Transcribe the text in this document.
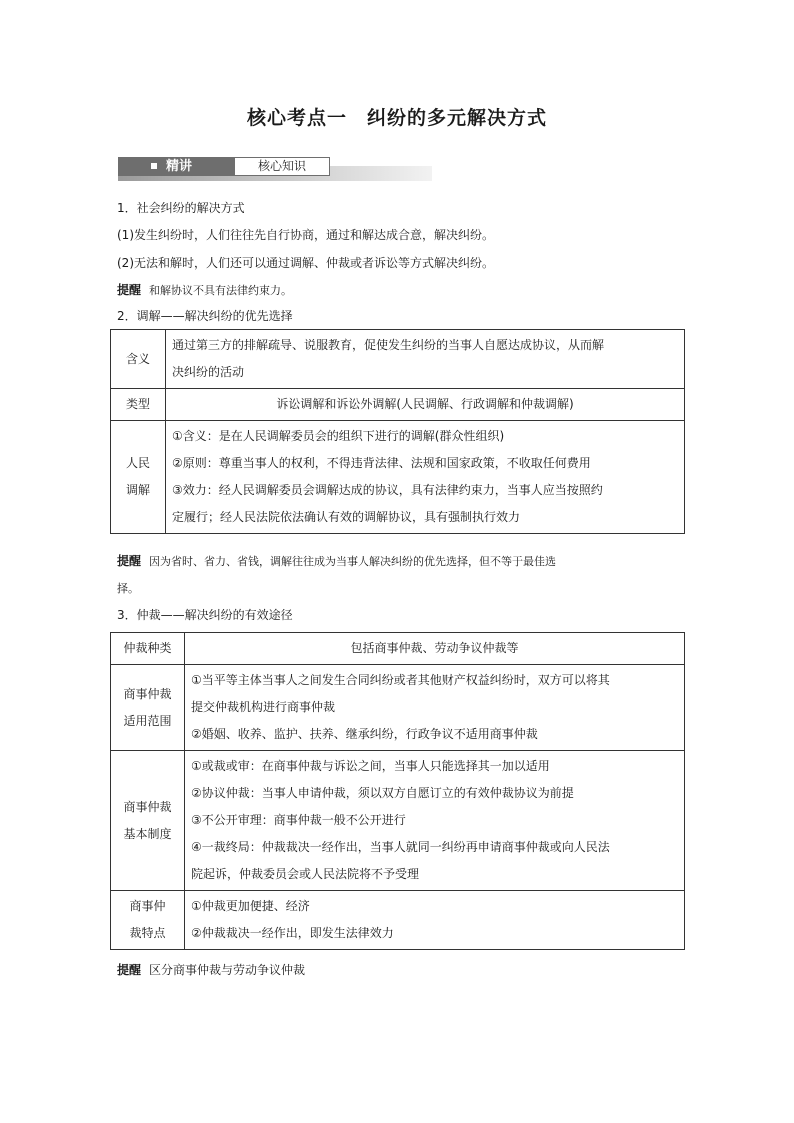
核心考点一　纠纷的多元解决方式
精讲	核心知识
1．社会纠纷的解决方式
(1)发生纠纷时，人们往往先自行协商，通过和解达成合意，解决纠纷。
(2)无法和解时，人们还可以通过调解、仲裁或者诉讼等方式解决纠纷。
提醒 和解协议不具有法律约束力。
2．调解——解决纠纷的优先选择
含义	通过第三方的排解疏导、说服教育，促使发生纠纷的当事人自愿达成协议，从而解
决纠纷的活动

类型	诉讼调解和诉讼外调解(人民调解、行政调解和仲裁调解)

人民
调解	①含义：是在人民调解委员会的组织下进行的调解(群众性组织)
②原则：尊重当事人的权利，不得违背法律、法规和国家政策，不收取任何费用
③效力：经人民调解委员会调解达成的协议，具有法律约束力，当事人应当按照约
定履行；经人民法院依法确认有效的调解协议，具有强制执行效力
提醒 因为省时、省力、省钱，调解往往成为当事人解决纠纷的优先选择，但不等于最佳选
择。
3．仲裁——解决纠纷的有效途径
仲裁种类	包括商事仲裁、劳动争议仲裁等

商事仲裁
适用范围	①当平等主体当事人之间发生合同纠纷或者其他财产权益纠纷时，双方可以将其
提交仲裁机构进行商事仲裁
②婚姻、收养、监护、扶养、继承纠纷，行政争议不适用商事仲裁

商事仲裁
基本制度	①或裁或审：在商事仲裁与诉讼之间，当事人只能选择其一加以适用
②协议仲裁：当事人申请仲裁，须以双方自愿订立的有效仲裁协议为前提
③不公开审理：商事仲裁一般不公开进行
④一裁终局：仲裁裁决一经作出，当事人就同一纠纷再申请商事仲裁或向人民法
院起诉，仲裁委员会或人民法院将不予受理

商事仲
裁特点	①仲裁更加便捷、经济
②仲裁裁决一经作出，即发生法律效力
提醒 区分商事仲裁与劳动争议仲裁
